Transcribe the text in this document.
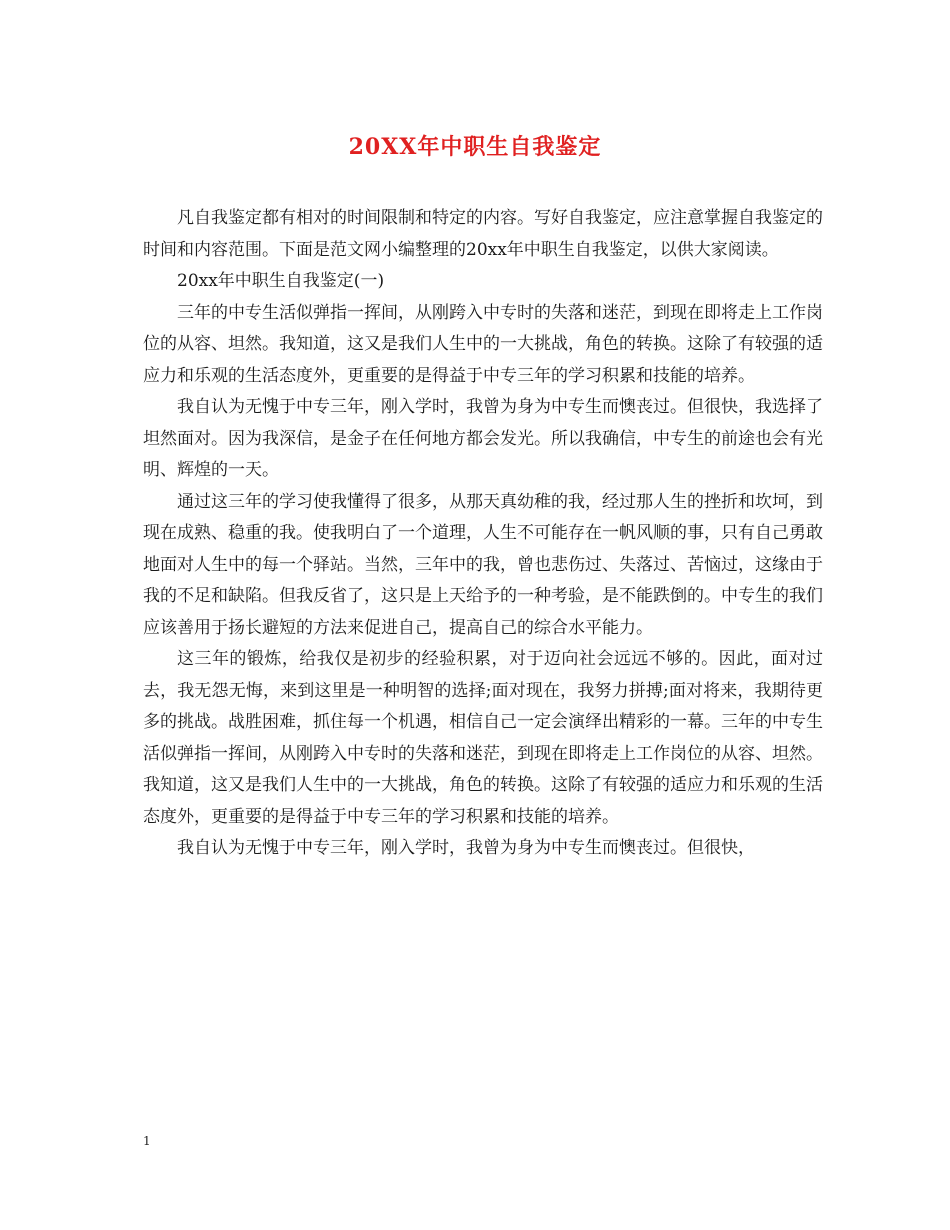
20XX年中职生自我鉴定

凡自我鉴定都有相对的时间限制和特定的内容。写好自我鉴定，应注意掌握自我鉴定的时间和内容范围。下面是范文网小编整理的20xx年中职生自我鉴定，以供大家阅读。

20xx年中职生自我鉴定(一)

三年的中专生活似弹指一挥间，从刚跨入中专时的失落和迷茫，到现在即将走上工作岗位的从容、坦然。我知道，这又是我们人生中的一大挑战，角色的转换。这除了有较强的适应力和乐观的生活态度外，更重要的是得益于中专三年的学习积累和技能的培养。

我自认为无愧于中专三年，刚入学时，我曾为身为中专生而懊丧过。但很快，我选择了坦然面对。因为我深信，是金子在任何地方都会发光。所以我确信，中专生的前途也会有光明、辉煌的一天。

通过这三年的学习使我懂得了很多，从那天真幼稚的我，经过那人生的挫折和坎坷，到现在成熟、稳重的我。使我明白了一个道理，人生不可能存在一帆风顺的事，只有自己勇敢地面对人生中的每一个驿站。当然，三年中的我，曾也悲伤过、失落过、苦恼过，这缘由于我的不足和缺陷。但我反省了，这只是上天给予的一种考验，是不能跌倒的。中专生的我们应该善用于扬长避短的方法来促进自己，提高自己的综合水平能力。

这三年的锻炼，给我仅是初步的经验积累，对于迈向社会远远不够的。因此，面对过去，我无怨无悔，来到这里是一种明智的选择;面对现在，我努力拼搏;面对将来，我期待更多的挑战。战胜困难，抓住每一个机遇，相信自己一定会演绎出精彩的一幕。三年的中专生活似弹指一挥间，从刚跨入中专时的失落和迷茫，到现在即将走上工作岗位的从容、坦然。我知道，这又是我们人生中的一大挑战，角色的转换。这除了有较强的适应力和乐观的生活态度外，更重要的是得益于中专三年的学习积累和技能的培养。

我自认为无愧于中专三年，刚入学时，我曾为身为中专生而懊丧过。但很快，

1
